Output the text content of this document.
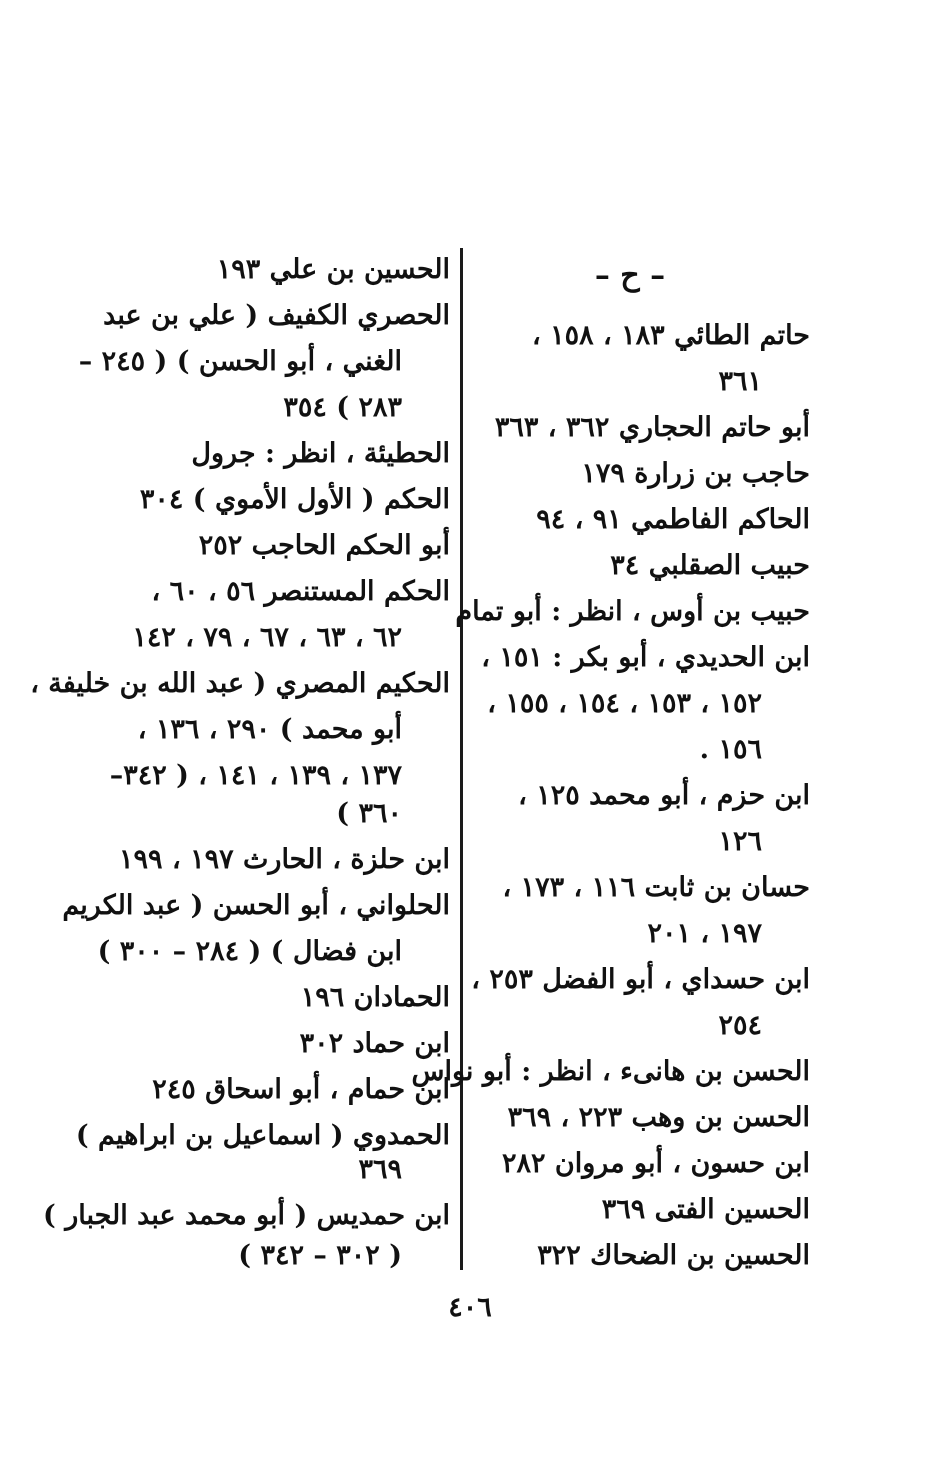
– ح –
حاتم الطائي ١٨٣ ، ١٥٨ ،
٣٦١
أبو حاتم الحجاري ٣٦٢ ، ٣٦٣
حاجب بن زرارة ١٧٩
الحاكم الفاطمي ٩١ ، ٩٤
حبيب الصقلبي ٣٤
حبيب بن أوس ، انظر : أبو تمام
ابن الحديدي ، أبو بكر : ١٥١ ،
١٥٢ ، ١٥٣ ، ١٥٤ ، ١٥٥ ،
١٥٦ .
ابن حزم ، أبو محمد ١٢٥ ،
١٢٦
حسان بن ثابت ١١٦ ، ١٧٣ ،
١٩٧ ، ٢٠١
ابن حسداي ، أبو الفضل ٢٥٣ ،
٢٥٤
الحسن بن هانىء ، انظر : أبو نواس
الحسن بن وهب ٢٢٣ ، ٣٦٩
ابن حسون ، أبو مروان ٢٨٢
الحسين الفتى ٣٦٩
الحسين بن الضحاك ٣٢٢
الحسين بن علي ١٩٣
الحصري الكفيف ( علي بن عبد
الغني ، أبو الحسن ) ( ٢٤٥ –
٢٨٣ ) ٣٥٤
الحطيئة ، انظر : جرول
الحكم ( الأول الأموي ) ٣٠٤
أبو الحكم الحاجب ٢٥٢
الحكم المستنصر ٥٦ ، ٦٠ ،
٦٢ ، ٦٣ ، ٦٧ ، ٧٩ ، ١٤٢
الحكيم المصري ( عبد الله بن خليفة ،
أبو محمد ) ٢٩٠ ، ١٣٦ ،
١٣٧ ، ١٣٩ ، ١٤١ ، ( ٣٤٢–
٣٦٠ )
ابن حلزة ، الحارث ١٩٧ ، ١٩٩
الحلواني ، أبو الحسن ( عبد الكريم
ابن فضال ) ( ٢٨٤ – ٣٠٠ )
الحمادان ١٩٦
ابن حماد ٣٠٢
ابن حمام ، أبو اسحاق ٢٤٥
الحمدوي ( اسماعيل بن ابراهيم )
٣٦٩
ابن حمديس ( أبو محمد عبد الجبار )
( ٣٠٢ – ٣٤٢ )
٤٠٦
